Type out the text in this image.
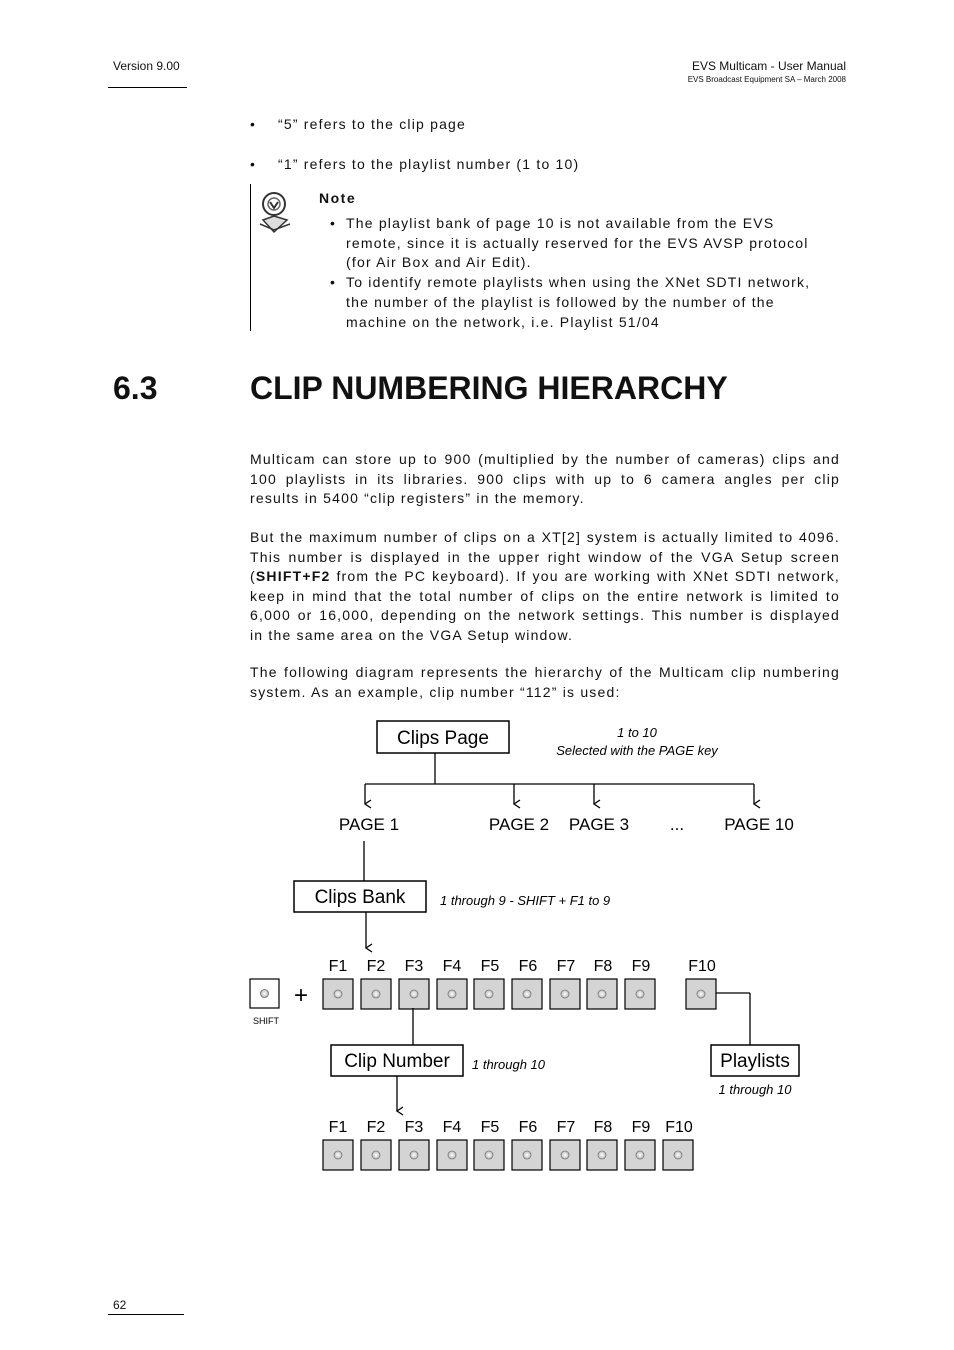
Version 9.00	EVS Multicam - User Manual
EVS Broadcast Equipment SA – March 2008
• “5” refers to the clip page
• “1” refers to the playlist number (1 to 10)
Note
• The playlist bank of page 10 is not available from the EVS remote, since it is actually reserved for the EVS AVSP protocol (for Air Box and Air Edit).
• To identify remote playlists when using the XNet SDTI network, the number of the playlist is followed by the number of the machine on the network, i.e. Playlist 51/04
6.3	CLIP NUMBERING HIERARCHY
Multicam can store up to 900 (multiplied by the number of cameras) clips and 100 playlists in its libraries. 900 clips with up to 6 camera angles per clip results in 5400 “clip registers” in the memory.
But the maximum number of clips on a XT[2] system is actually limited to 4096. This number is displayed in the upper right window of the VGA Setup screen (SHIFT+F2 from the PC keyboard). If you are working with XNet SDTI network, keep in mind that the total number of clips on the entire network is limited to 6,000 or 16,000, depending on the network settings. This number is displayed in the same area on the VGA Setup window.
The following diagram represents the hierarchy of the Multicam clip numbering system. As an example, clip number “112” is used:
Clips Page	1 to 10
Selected with the PAGE key
PAGE 1	PAGE 2 PAGE 3 ... PAGE 10
Clips Bank	1 through 9 - SHIFT + F1 to 9
F1 F2 F3 F4 F5 F6 F7 F8 F9 F10
SHIFT
+
Clip Number 1 through 10	Playlists
1 through 10
F1 F2 F3 F4 F5 F6 F7 F8 F9 F10
62
